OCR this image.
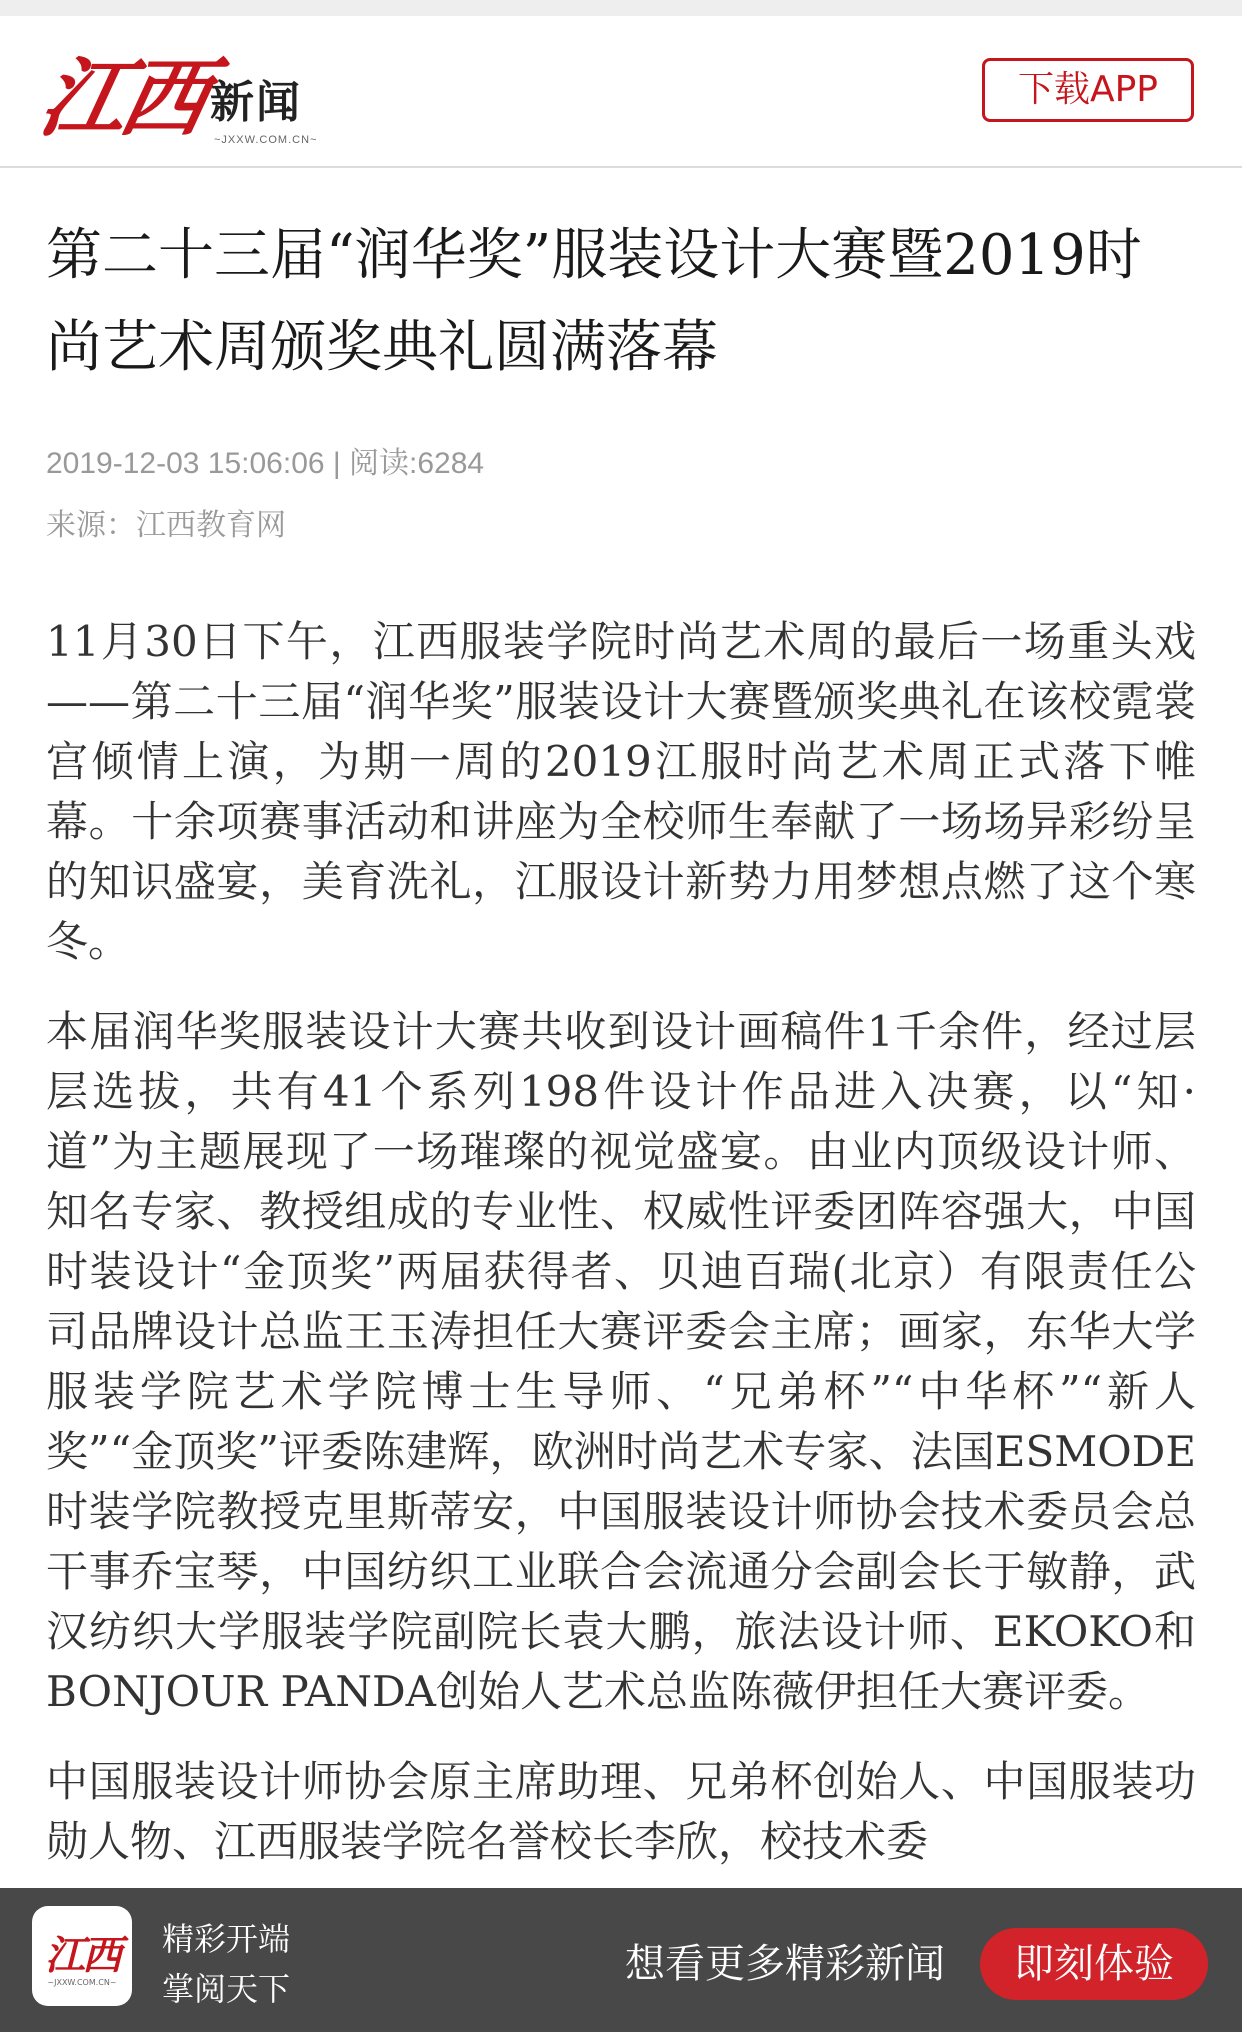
江西
新闻
~JXXW.COM.CN~
下载APP
第二十三届“润华奖”服装设计大赛暨2019时尚艺术周颁奖典礼圆满落幕
2019-12-03 15:06:06 | 阅读:6284
来源：江西教育网

11月30日下午，江西服装学院时尚艺术周的最后一场重头戏——第二十三届“润华奖”服装设计大赛暨颁奖典礼在该校霓裳宫倾情上演，为期一周的2019江服时尚艺术周正式落下帷幕。十余项赛事活动和讲座为全校师生奉献了一场场异彩纷呈的知识盛宴，美育洗礼，江服设计新势力用梦想点燃了这个寒冬。

本届润华奖服装设计大赛共收到设计画稿件1千余件，经过层层选拔，共有41个系列198件设计作品进入决赛，以“知·道”为主题展现了一场璀璨的视觉盛宴。由业内顶级设计师、知名专家、教授组成的专业性、权威性评委团阵容强大，中国时装设计“金顶奖”两届获得者、贝迪百瑞(北京）有限责任公司品牌设计总监王玉涛担任大赛评委会主席；画家，东华大学服装学院艺术学院博士生导师、“兄弟杯”“中华杯”“新人奖”“金顶奖”评委陈建辉，欧洲时尚艺术专家、法国ESMODE时装学院教授克里斯蒂安，中国服装设计师协会技术委员会总干事乔宝琴，中国纺织工业联合会流通分会副会长于敏静，武汉纺织大学服装学院副院长袁大鹏，旅法设计师、EKOKO和BONJOUR PANDA创始人艺术总监陈薇伊担任大赛评委。

中国服装设计师协会原主席助理、兄弟杯创始人、中国服装功勋人物、江西服装学院名誉校长李欣，校技术委

江西
~JXXW.COM.CN~
精彩开端
掌阅天下
想看更多精彩新闻	即刻体验
